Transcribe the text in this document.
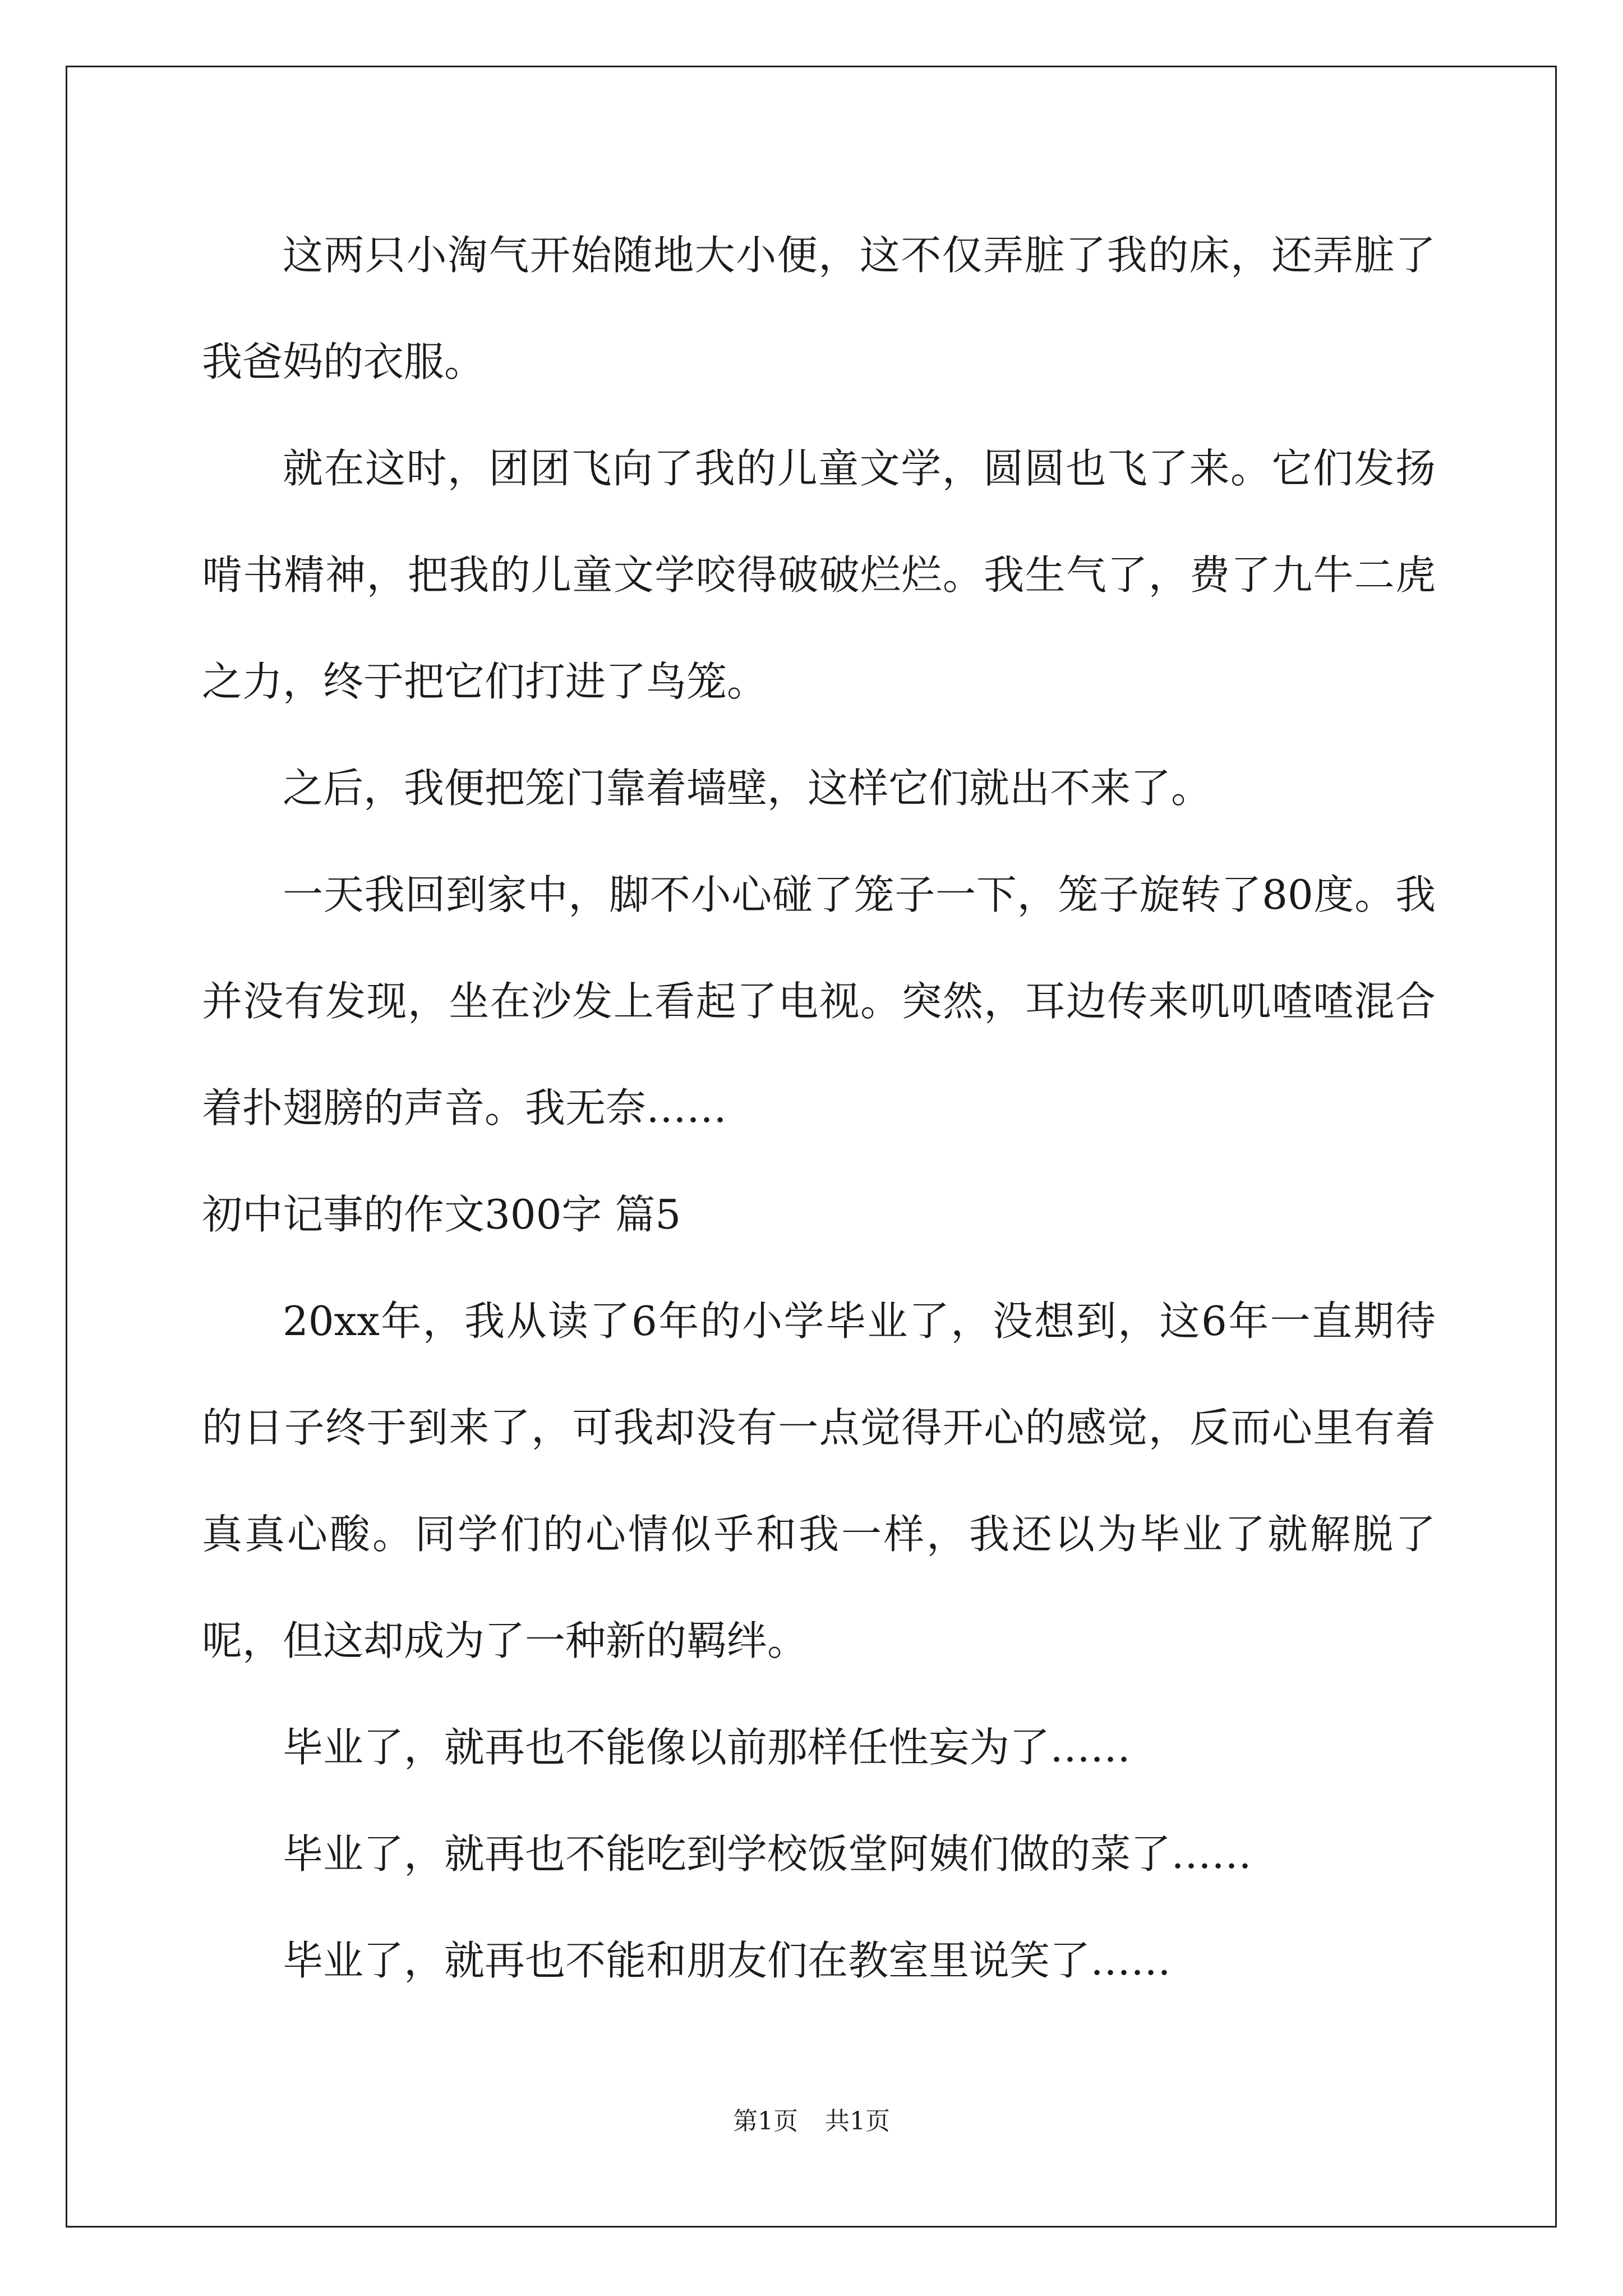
这两只小淘气开始随地大小便，这不仅弄脏了我的床，还弄脏了我爸妈的衣服。

就在这时，团团飞向了我的儿童文学，圆圆也飞了来。它们发扬啃书精神，把我的儿童文学咬得破破烂烂。我生气了，费了九牛二虎之力，终于把它们打进了鸟笼。

之后，我便把笼门靠着墙壁，这样它们就出不来了。

一天我回到家中，脚不小心碰了笼子一下，笼子旋转了80度。我并没有发现，坐在沙发上看起了电视。突然，耳边传来叽叽喳喳混合着扑翅膀的声音。我无奈……

初中记事的作文300字 篇5

20xx年，我从读了6年的小学毕业了，没想到，这6年一直期待的日子终于到来了，可我却没有一点觉得开心的感觉，反而心里有着真真心酸。同学们的心情似乎和我一样，我还以为毕业了就解脱了呢，但这却成为了一种新的羁绊。

毕业了，就再也不能像以前那样任性妄为了……

毕业了，就再也不能吃到学校饭堂阿姨们做的菜了……

毕业了，就再也不能和朋友们在教室里说笑了……

第1页 共1页
